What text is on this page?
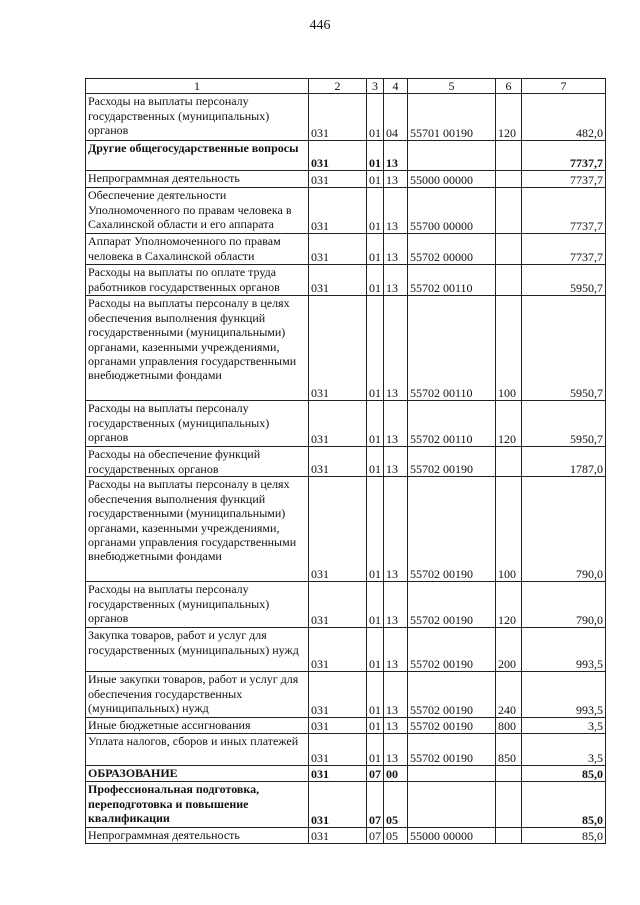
446
1	2	3	4	5	6	7
Расходы на выплаты персоналу государственных (муниципальных) органов	031	01	04	55701 00190	120	482,0
Другие общегосударственные вопросы	031	01	13			7737,7
Непрограммная деятельность	031	01	13	55000 00000		7737,7
Обеспечение деятельности Уполномоченного по правам человека в Сахалинской области и его аппарата	031	01	13	55700 00000		7737,7
Аппарат Уполномоченного по правам человека в Сахалинской области	031	01	13	55702 00000		7737,7
Расходы на выплаты по оплате труда работников государственных органов	031	01	13	55702 00110		5950,7
Расходы на выплаты персоналу в целях обеспечения выполнения функций государственными (муниципальными) органами, казенными учреждениями, органами управления государственными внебюджетными фондами	031	01	13	55702 00110	100	5950,7
Расходы на выплаты персоналу государственных (муниципальных) органов	031	01	13	55702 00110	120	5950,7
Расходы на обеспечение функций государственных органов	031	01	13	55702 00190		1787,0
Расходы на выплаты персоналу в целях обеспечения выполнения функций государственными (муниципальными) органами, казенными учреждениями, органами управления государственными внебюджетными фондами	031	01	13	55702 00190	100	790,0
Расходы на выплаты персоналу государственных (муниципальных) органов	031	01	13	55702 00190	120	790,0
Закупка товаров, работ и услуг для государственных (муниципальных) нужд	031	01	13	55702 00190	200	993,5
Иные закупки товаров, работ и услуг для обеспечения государственных (муниципальных) нужд	031	01	13	55702 00190	240	993,5
Иные бюджетные ассигнования	031	01	13	55702 00190	800	3,5
Уплата налогов, сборов и иных платежей	031	01	13	55702 00190	850	3,5
ОБРАЗОВАНИЕ	031	07	00			85,0
Профессиональная подготовка, переподготовка и повышение квалификации	031	07	05			85,0
Непрограммная деятельность	031	07	05	55000 00000		85,0
